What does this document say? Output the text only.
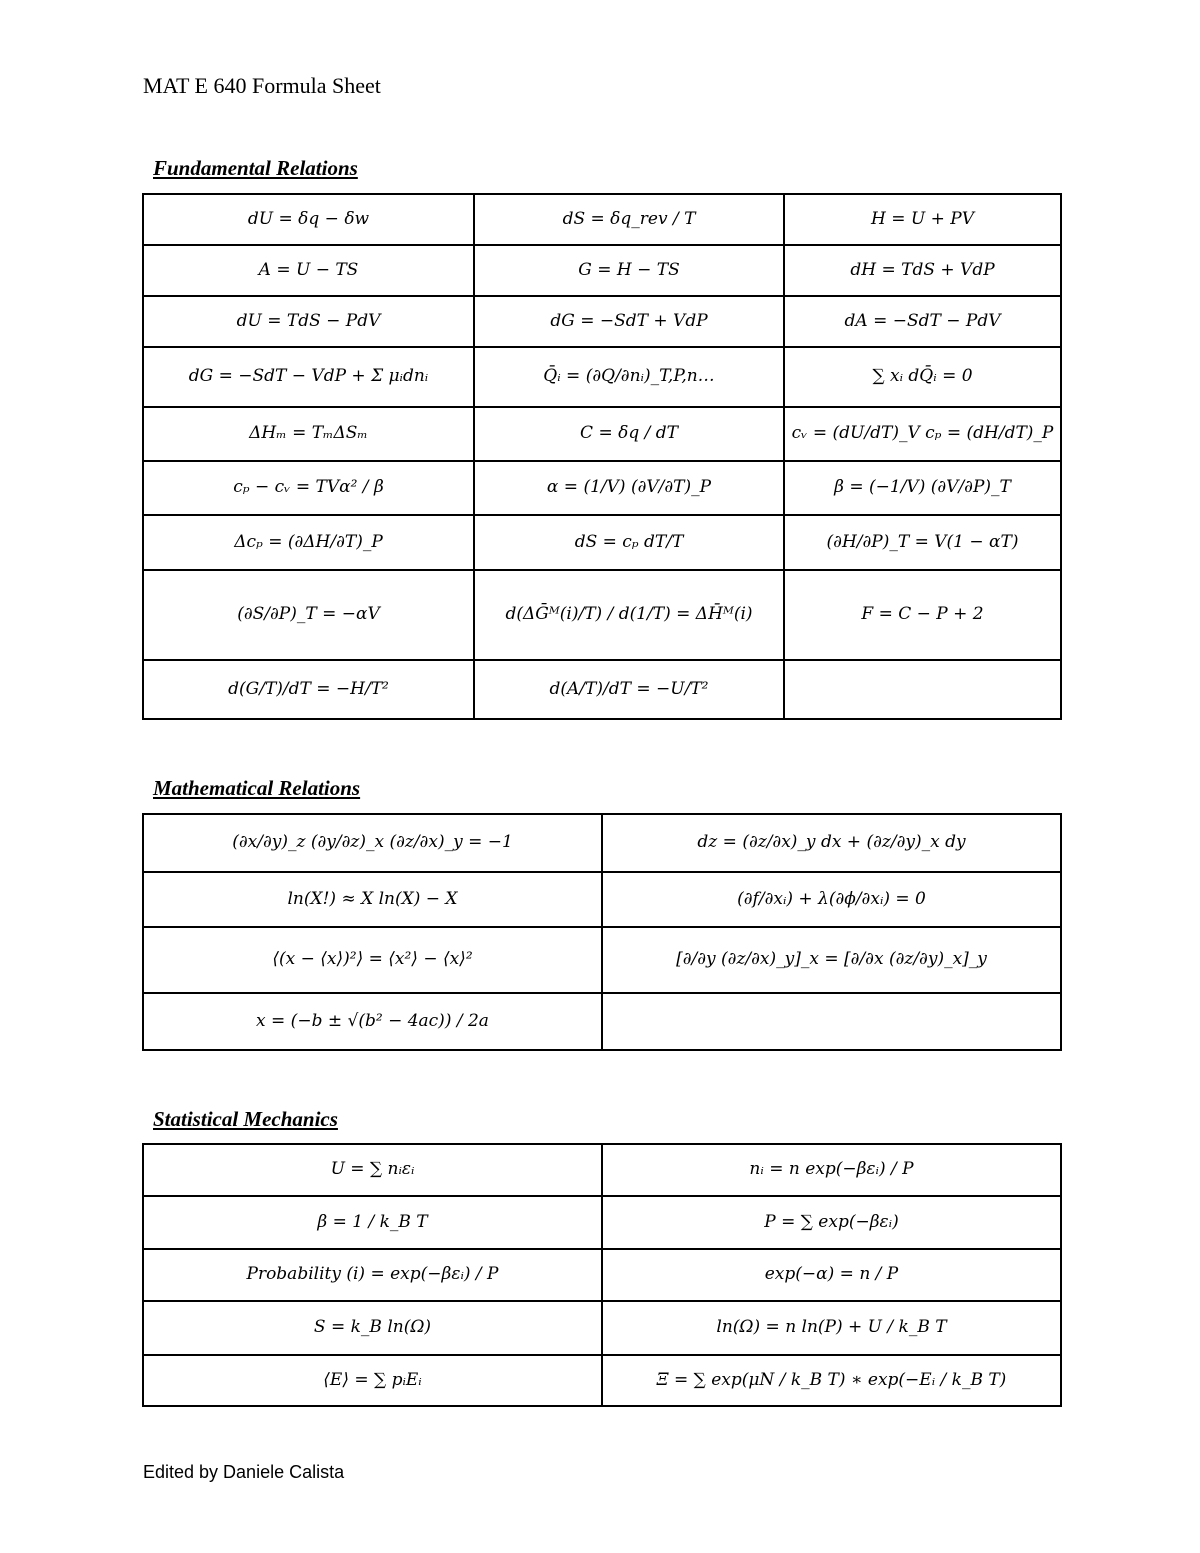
MAT E 640 Formula Sheet
Fundamental Relations
dU = δq − δw	dS = δq_rev / T	H = U + PV
A = U − TS	G = H − TS	dH = TdS + VdP
dU = TdS − PdV	dG = −SdT + VdP	dA = −SdT − PdV
dG = −SdT − VdP + Σ μᵢdnᵢ	Q̄ᵢ = (∂Q/∂nᵢ)_T,P,n…	∑ xᵢ dQ̄ᵢ = 0
ΔHₘ = TₘΔSₘ	C = δq / dT	cᵥ = (dU/dT)_V cₚ = (dH/dT)_P
cₚ − cᵥ = TVα² / β	α = (1/V) (∂V/∂T)_P	β = (−1/V) (∂V/∂P)_T
Δcₚ = (∂ΔH/∂T)_P	dS = cₚ dT/T	(∂H/∂P)_T = V(1 − αT)
(∂S/∂P)_T = −αV	d(ΔḠᴹ(i)/T) / d(1/T) = ΔH̄ᴹ(i)	F = C − P + 2
d(G/T)/dT = −H/T²	d(A/T)/dT = −U/T²	
Mathematical Relations
(∂x/∂y)_z (∂y/∂z)_x (∂z/∂x)_y = −1	dz = (∂z/∂x)_y dx + (∂z/∂y)_x dy
ln(X!) ≈ X ln(X) − X	(∂f/∂xᵢ) + λ(∂ϕ/∂xᵢ) = 0
⟨(x − ⟨x⟩)²⟩ = ⟨x²⟩ − ⟨x⟩²	[∂/∂y (∂z/∂x)_y]_x = [∂/∂x (∂z/∂y)_x]_y
x = (−b ± √(b² − 4ac)) / 2a	
Statistical Mechanics
U = ∑ nᵢεᵢ	nᵢ = n exp(−βεᵢ) / P
β = 1 / k_B T	P = ∑ exp(−βεᵢ)
Probability (i) = exp(−βεᵢ) / P	exp(−α) = n / P
S = k_B ln(Ω)	ln(Ω) = n ln(P) + U / k_B T
⟨E⟩ = ∑ pᵢEᵢ	Ξ = ∑ exp(μN / k_B T) ∗ exp(−Eᵢ / k_B T)
Edited by Daniele Calista
